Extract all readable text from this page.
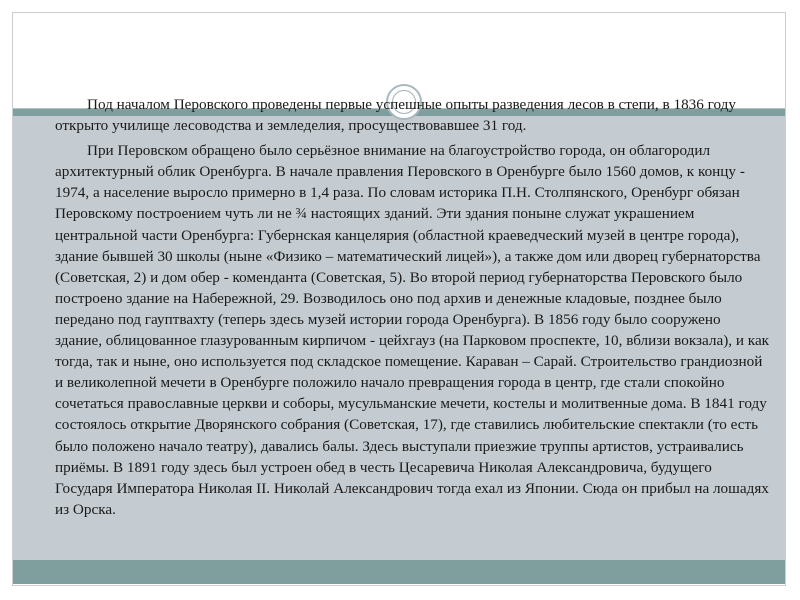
Под началом Перовского проведены первые успешные опыты разведения лесов в степи, в 1836 году открыто училище лесоводства и земледелия, просуществовавшее 31 год.

При Перовском обращено было серьёзное внимание на благоустройство города, он облагородил архитектурный облик Оренбурга. В начале правления Перовского в Оренбурге было 1560 домов, к концу - 1974, а население выросло примерно в 1,4 раза. По словам историка П.Н. Столпянского, Оренбург обязан Перовскому построением чуть ли не ¾ настоящих зданий. Эти здания поныне служат украшением центральной части Оренбурга: Губернская канцелярия (областной краеведческий музей в центре города), здание бывшей 30 школы (ныне «Физико – математический лицей»), а также дом или дворец губернаторства (Советская, 2) и дом обер - коменданта (Советская, 5). Во второй период губернаторства Перовского было построено здание на Набережной, 29. Возводилось оно под архив и денежные кладовые, позднее было передано под гауптвахту (теперь здесь музей истории города Оренбурга). В 1856 году было сооружено здание, облицованное глазурованным кирпичом - цейхгауз (на Парковом проспекте, 10, вблизи вокзала), и как тогда, так и ныне, оно используется под складское помещение. Караван – Сарай. Строительство грандиозной и великолепной мечети в Оренбурге положило начало превращения города в центр, где стали спокойно сочетаться православные церкви и соборы, мусульманские мечети, костелы и молитвенные дома. В 1841 году состоялось открытие Дворянского собрания (Советская, 17), где ставились любительские спектакли (то есть было положено начало театру), давались балы. Здесь выступали приезжие труппы артистов, устраивались приёмы. В 1891 году здесь был устроен обед в честь Цесаревича Николая Александровича, будущего Государя Императора Николая II. Николай Александрович тогда ехал из Японии. Сюда он прибыл на лошадях из Орска.
